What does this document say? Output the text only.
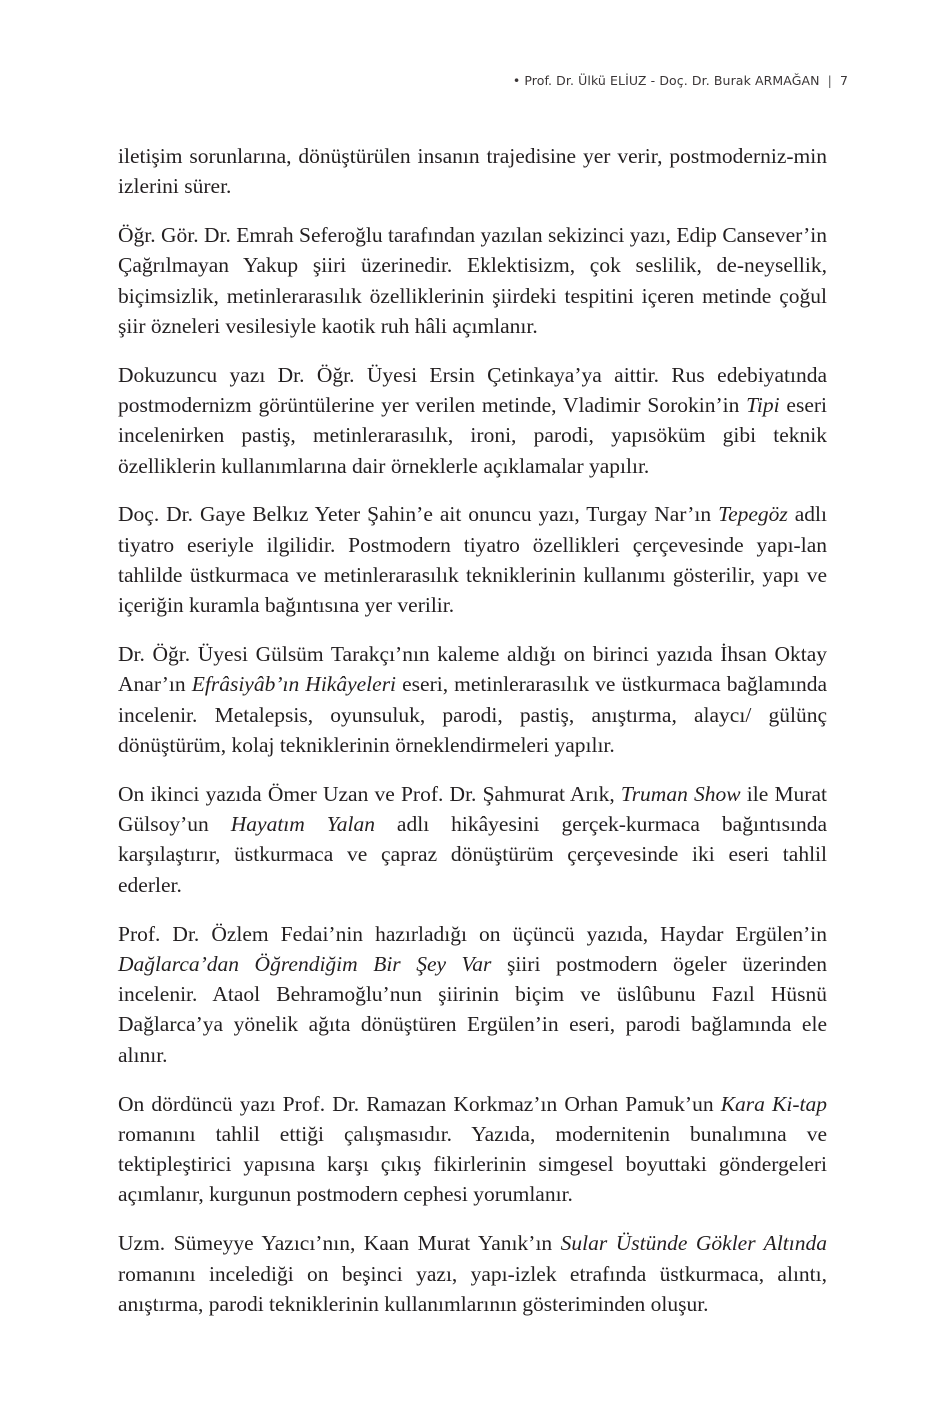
• Prof. Dr. Ülkü ELİUZ - Doç. Dr. Burak ARMAĞAN | 7

iletişim sorunlarına, dönüştürülen insanın trajedisine yer verir, postmoderniz-min izlerini sürer.

Öğr. Gör. Dr. Emrah Seferoğlu tarafından yazılan sekizinci yazı, Edip Cansever’in Çağrılmayan Yakup şiiri üzerinedir. Eklektisizm, çok seslilik, de-neysellik, biçimsizlik, metinlerarasılık özelliklerinin şiirdeki tespitini içeren metinde çoğul şiir özneleri vesilesiyle kaotik ruh hâli açımlanır.

Dokuzuncu yazı Dr. Öğr. Üyesi Ersin Çetinkaya’ya aittir. Rus edebiyatında postmodernizm görüntülerine yer verilen metinde, Vladimir Sorokin’in Tipi eseri incelenirken pastiş, metinlerarasılık, ironi, parodi, yapısöküm gibi teknik özelliklerin kullanımlarına dair örneklerle açıklamalar yapılır.

Doç. Dr. Gaye Belkız Yeter Şahin’e ait onuncu yazı, Turgay Nar’ın Tepegöz adlı tiyatro eseriyle ilgilidir. Postmodern tiyatro özellikleri çerçevesinde yapı-lan tahlilde üstkurmaca ve metinlerarasılık tekniklerinin kullanımı gösterilir, yapı ve içeriğin kuramla bağıntısına yer verilir.

Dr. Öğr. Üyesi Gülsüm Tarakçı’nın kaleme aldığı on birinci yazıda İhsan Oktay Anar’ın Efrâsiyâb’ın Hikâyeleri eseri, metinlerarasılık ve üstkurmaca bağlamında incelenir. Metalepsis, oyunsuluk, parodi, pastiş, anıştırma, alaycı/ gülünç dönüştürüm, kolaj tekniklerinin örneklendirmeleri yapılır.

On ikinci yazıda Ömer Uzan ve Prof. Dr. Şahmurat Arık, Truman Show ile Murat Gülsoy’un Hayatım Yalan adlı hikâyesini gerçek-kurmaca bağıntısında karşılaştırır, üstkurmaca ve çapraz dönüştürüm çerçevesinde iki eseri tahlil ederler.

Prof. Dr. Özlem Fedai’nin hazırladığı on üçüncü yazıda, Haydar Ergülen’in Dağlarca’dan Öğrendiğim Bir Şey Var şiiri postmodern ögeler üzerinden incelenir. Ataol Behramoğlu’nun şiirinin biçim ve üslûbunu Fazıl Hüsnü Dağlarca’ya yönelik ağıta dönüştüren Ergülen’in eseri, parodi bağlamında ele alınır.

On dördüncü yazı Prof. Dr. Ramazan Korkmaz’ın Orhan Pamuk’un Kara Ki-tap romanını tahlil ettiği çalışmasıdır. Yazıda, modernitenin bunalımına ve tektipleştirici yapısına karşı çıkış fikirlerinin simgesel boyuttaki göndergeleri açımlanır, kurgunun postmodern cephesi yorumlanır.

Uzm. Sümeyye Yazıcı’nın, Kaan Murat Yanık’ın Sular Üstünde Gökler Altında romanını incelediği on beşinci yazı, yapı-izlek etrafında üstkurmaca, alıntı, anıştırma, parodi tekniklerinin kullanımlarının gösteriminden oluşur.
